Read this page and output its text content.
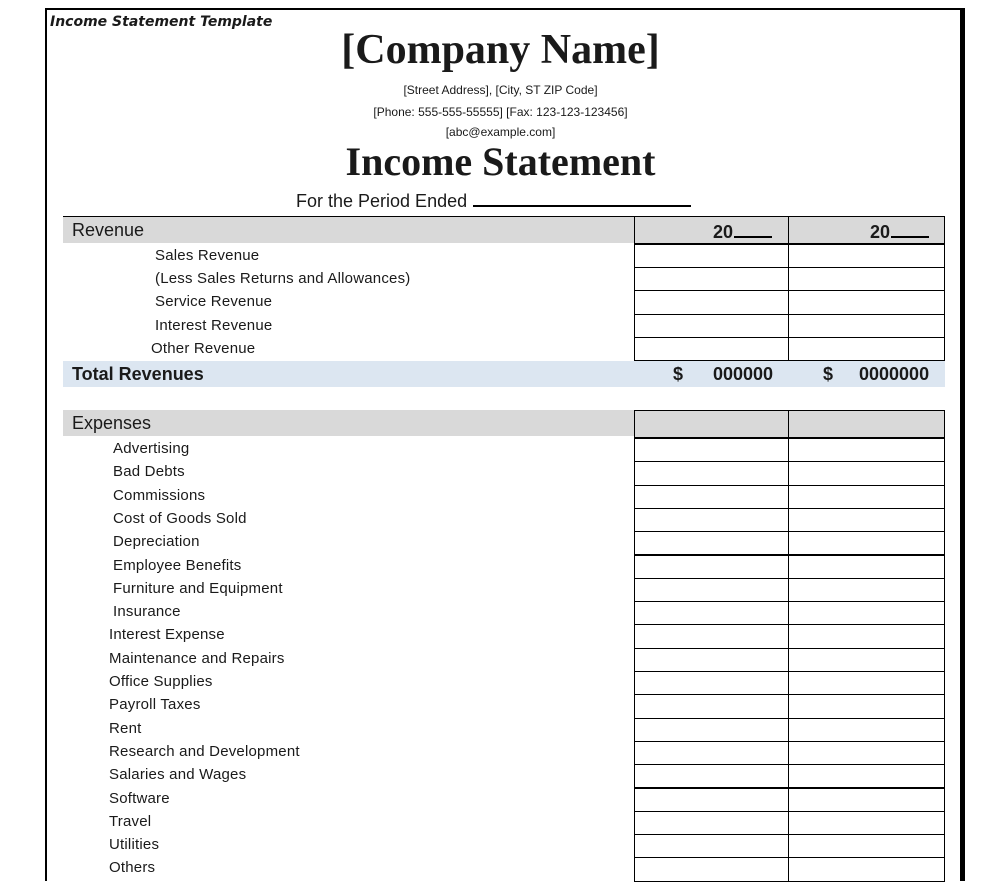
Income Statement Template
[Company Name]
[Street Address], [City, ST ZIP Code]
[Phone: 555-555-55555] [Fax: 123-123-123456]
[abc@example.com]
Income Statement
For the Period Ended
Revenue	20	20
Sales Revenue
(Less Sales Returns and Allowances)
Service Revenue
Interest Revenue
Other Revenue
Total Revenues	$ 000000	$ 0000000
Expenses
Advertising
Bad Debts
Commissions
Cost of Goods Sold
Depreciation
Employee Benefits
Furniture and Equipment
Insurance
Interest Expense
Maintenance and Repairs
Office Supplies
Payroll Taxes
Rent
Research and Development
Salaries and Wages
Software
Travel
Utilities
Others
